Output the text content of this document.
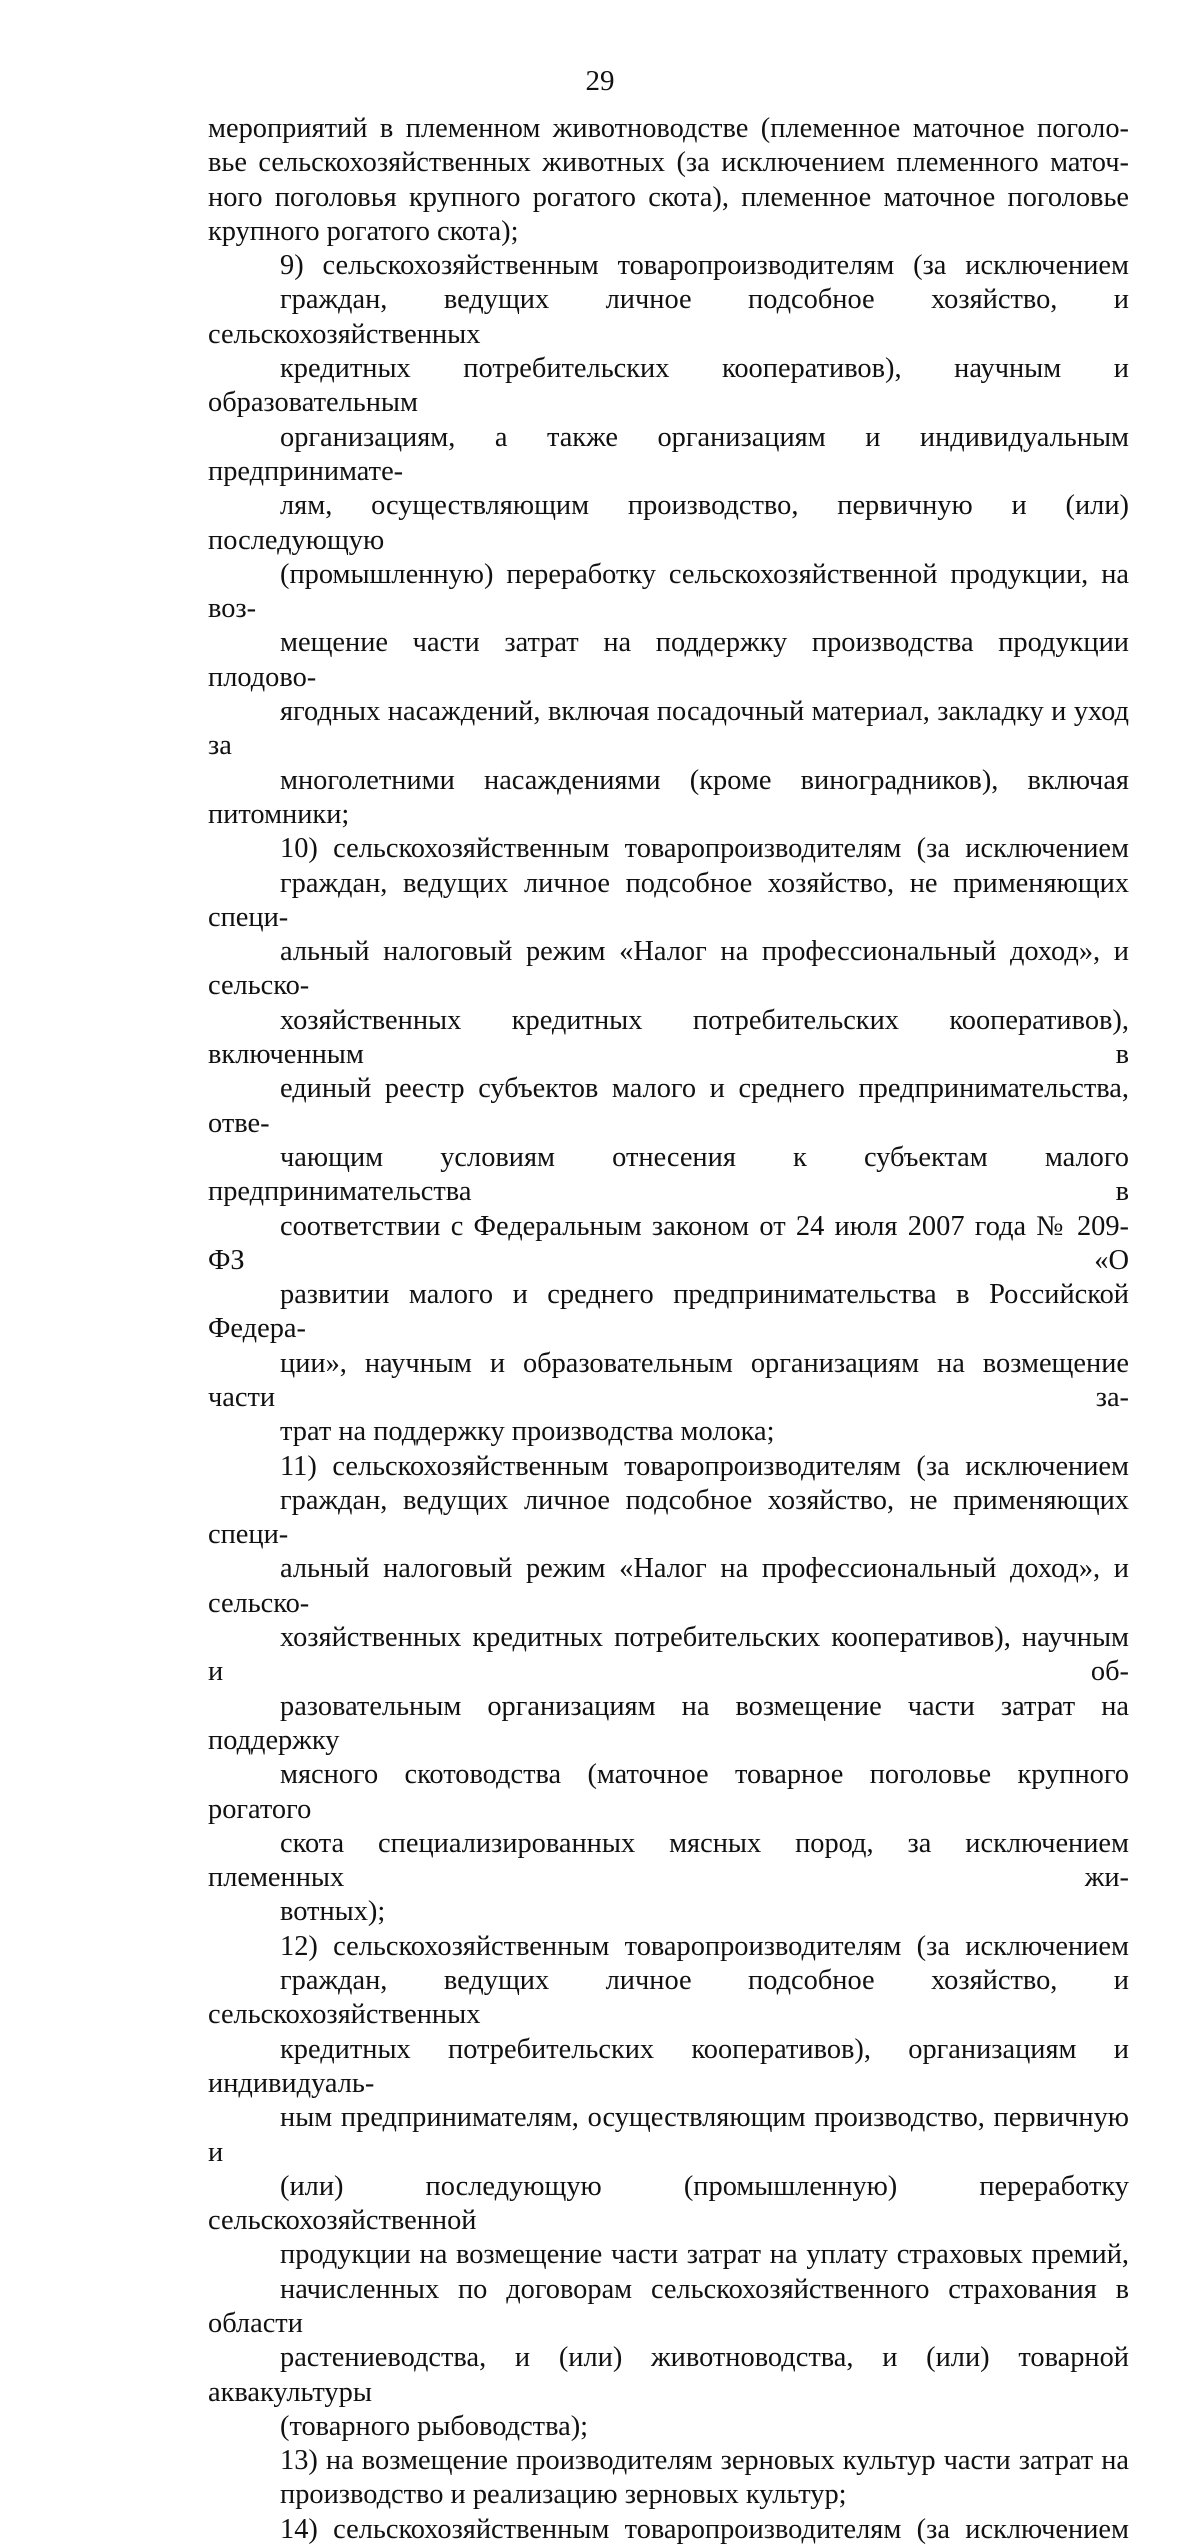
29

мероприятий в племенном животноводстве (племенное маточное поголо-
вье сельскохозяйственных животных (за исключением племенного маточ-
ного поголовья крупного рогатого скота), племенное маточное поголовье
крупного рогатого скота);

9) сельскохозяйственным товаропроизводителям (за исключением
граждан, ведущих личное подсобное хозяйство, и сельскохозяйственных
кредитных потребительских кооперативов), научным и образовательным
организациям, а также организациям и индивидуальным предпринимате-
лям, осуществляющим производство, первичную и (или) последующую
(промышленную) переработку сельскохозяйственной продукции, на воз-
мещение части затрат на поддержку производства продукции плодово-
ягодных насаждений, включая посадочный материал, закладку и уход за
многолетними насаждениями (кроме виноградников), включая питомники;

10) сельскохозяйственным товаропроизводителям (за исключением
граждан, ведущих личное подсобное хозяйство, не применяющих специ-
альный налоговый режим «Налог на профессиональный доход», и сельско-
хозяйственных кредитных потребительских кооперативов), включенным в
единый реестр субъектов малого и среднего предпринимательства, отве-
чающим условиям отнесения к субъектам малого предпринимательства в
соответствии с Федеральным законом от 24 июля 2007 года № 209-ФЗ «О
развитии малого и среднего предпринимательства в Российской Федера-
ции», научным и образовательным организациям на возмещение части за-
трат на поддержку производства молока;

11) сельскохозяйственным товаропроизводителям (за исключением
граждан, ведущих личное подсобное хозяйство, не применяющих специ-
альный налоговый режим «Налог на профессиональный доход», и сельско-
хозяйственных кредитных потребительских кооперативов), научным и об-
разовательным организациям на возмещение части затрат на поддержку
мясного скотоводства (маточное товарное поголовье крупного рогатого
скота специализированных мясных пород, за исключением племенных жи-
вотных);

12) сельскохозяйственным товаропроизводителям (за исключением
граждан, ведущих личное подсобное хозяйство, и сельскохозяйственных
кредитных потребительских кооперативов), организациям и индивидуаль-
ным предпринимателям, осуществляющим производство, первичную и
(или) последующую (промышленную) переработку сельскохозяйственной
продукции на возмещение части затрат на уплату страховых премий,
начисленных по договорам сельскохозяйственного страхования в области
растениеводства, и (или) животноводства, и (или) товарной аквакультуры
(товарного рыбоводства);

13) на возмещение производителям зерновых культур части затрат на
производство и реализацию зерновых культур;

14) сельскохозяйственным товаропроизводителям (за исключением
